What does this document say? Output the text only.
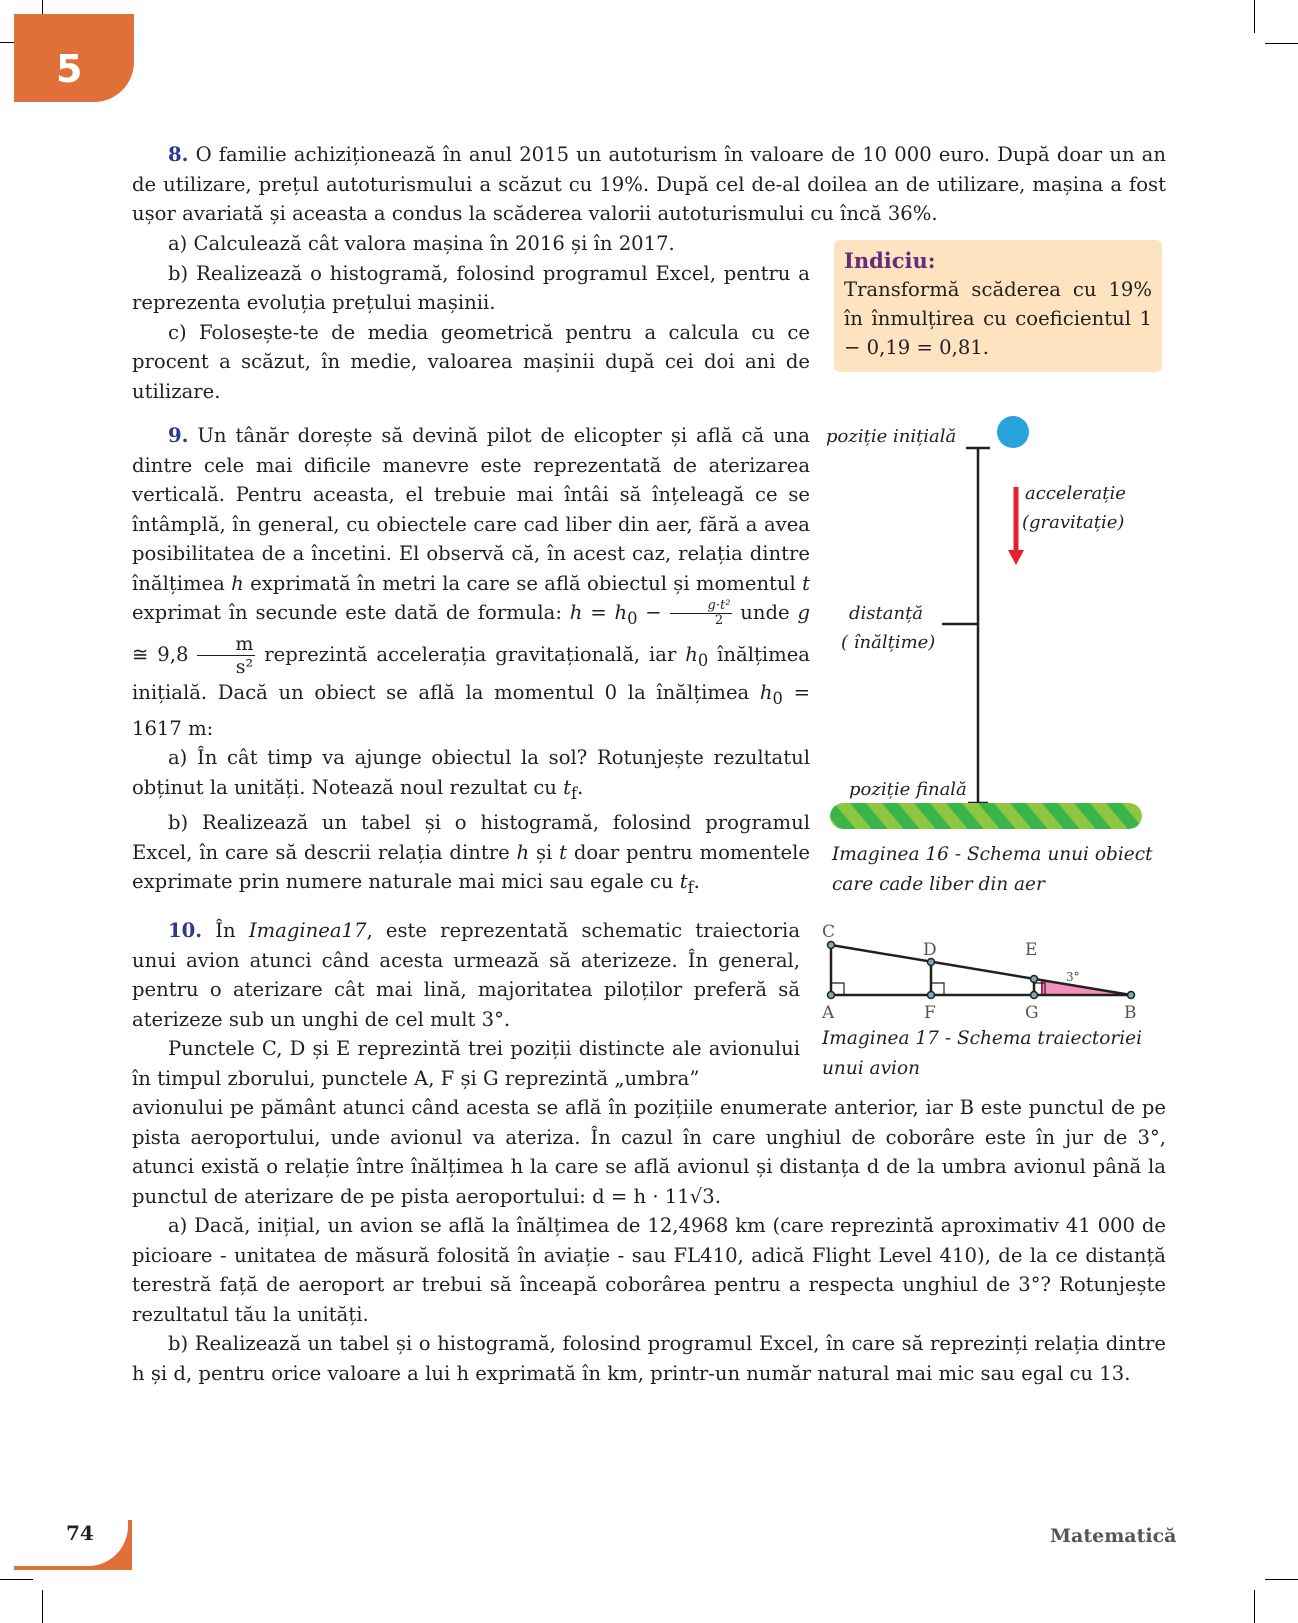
5

8. O familie achiziționează în anul 2015 un autoturism în valoare de 10 000 euro. După doar un an de utilizare, prețul autoturismului a scăzut cu 19%. După cel de-al doilea an de utilizare, mașina a fost ușor avariată și aceasta a condus la scăderea valorii autoturismului cu încă 36%.

a) Calculează cât valora mașina în 2016 și în 2017.

b) Realizează o histogramă, folosind programul Excel, pentru a reprezenta evoluția prețului mașinii.

c) Folosește-te de media geometrică pentru a calcula cu ce procent a scăzut, în medie, valoarea mașinii după cei doi ani de utilizare.

Indiciu:
Transformă scăderea cu 19% în înmulțirea cu coeficientul 1 − 0,19 = 0,81.

9. Un tânăr dorește să devină pilot de elicopter și află că una dintre cele mai dificile manevre este reprezentată de aterizarea verticală. Pentru aceasta, el trebuie mai întâi să înțeleagă ce se întâmplă, în general, cu obiectele care cad liber din aer, fără a avea posibilitatea de a încetini. El observă că, în acest caz, relația dintre înălțimea h exprimată în metri la care se află obiectul și momentul t exprimat în secunde este dată de formula: $h = h_0 - \frac{\text{g·t²}}{2}$ unde g ≅ $9,8 \frac{m}{\text{s²}}$ reprezintă accelerația gravitațională, iar $h_0$ înălțimea inițială. Dacă un obiect se află la momentul 0 la înălțimea $h_0 = 1617$ m:

a) În cât timp va ajunge obiectul la sol? Rotunjește rezultatul obținut la unități. Notează noul rezultat cu $t_f$.

b) Realizează un tabel și o histogramă, folosind programul Excel, în care să descrii relația dintre h și t doar pentru momentele exprimate prin numere naturale mai mici sau egale cu $t_f$.

poziție inițială
accelerație
(gravitație)
distanță
( înălțime)
poziție finală
Imaginea 16 - Schema unui obiect
care cade liber din aer

10. În Imaginea17, este reprezentată schematic traiectoria unui avion atunci când acesta urmează să aterizeze. În general, pentru o aterizare cât mai lină, majoritatea piloților preferă să aterizeze sub un unghi de cel mult 3°.

Punctele C, D și E reprezintă trei poziții distincte ale avionului în timpul zborului, punctele A, F și G reprezintă „umbra”

avionului pe pământ atunci când acesta se află în pozițiile enumerate anterior, iar B este punctul de pe pista aeroportului, unde avionul va ateriza. În cazul în care unghiul de coborâre este în jur de 3°, atunci există o relație între înălțimea h la care se află avionul și distanța d de la umbra avionul până la punctul de aterizare de pe pista aeroportului: d = h · 11√3.

a) Dacă, inițial, un avion se află la înălțimea de 12,4968 km (care reprezintă aproximativ 41 000 de picioare - unitatea de măsură folosită în aviație - sau FL410, adică Flight Level 410), de la ce distanță terestră față de aeroport ar trebui să înceapă coborârea pentru a respecta unghiul de 3°? Rotunjește rezultatul tău la unități.

b) Realizează un tabel și o histogramă, folosind programul Excel, în care să reprezinți relația dintre h și d, pentru orice valoare a lui h exprimată în km, printr-un număr natural mai mic sau egal cu 13.

C
D	E
A	F	G	B
3°
Imaginea 17 - Schema traiectoriei
unui avion
74	Matematică
